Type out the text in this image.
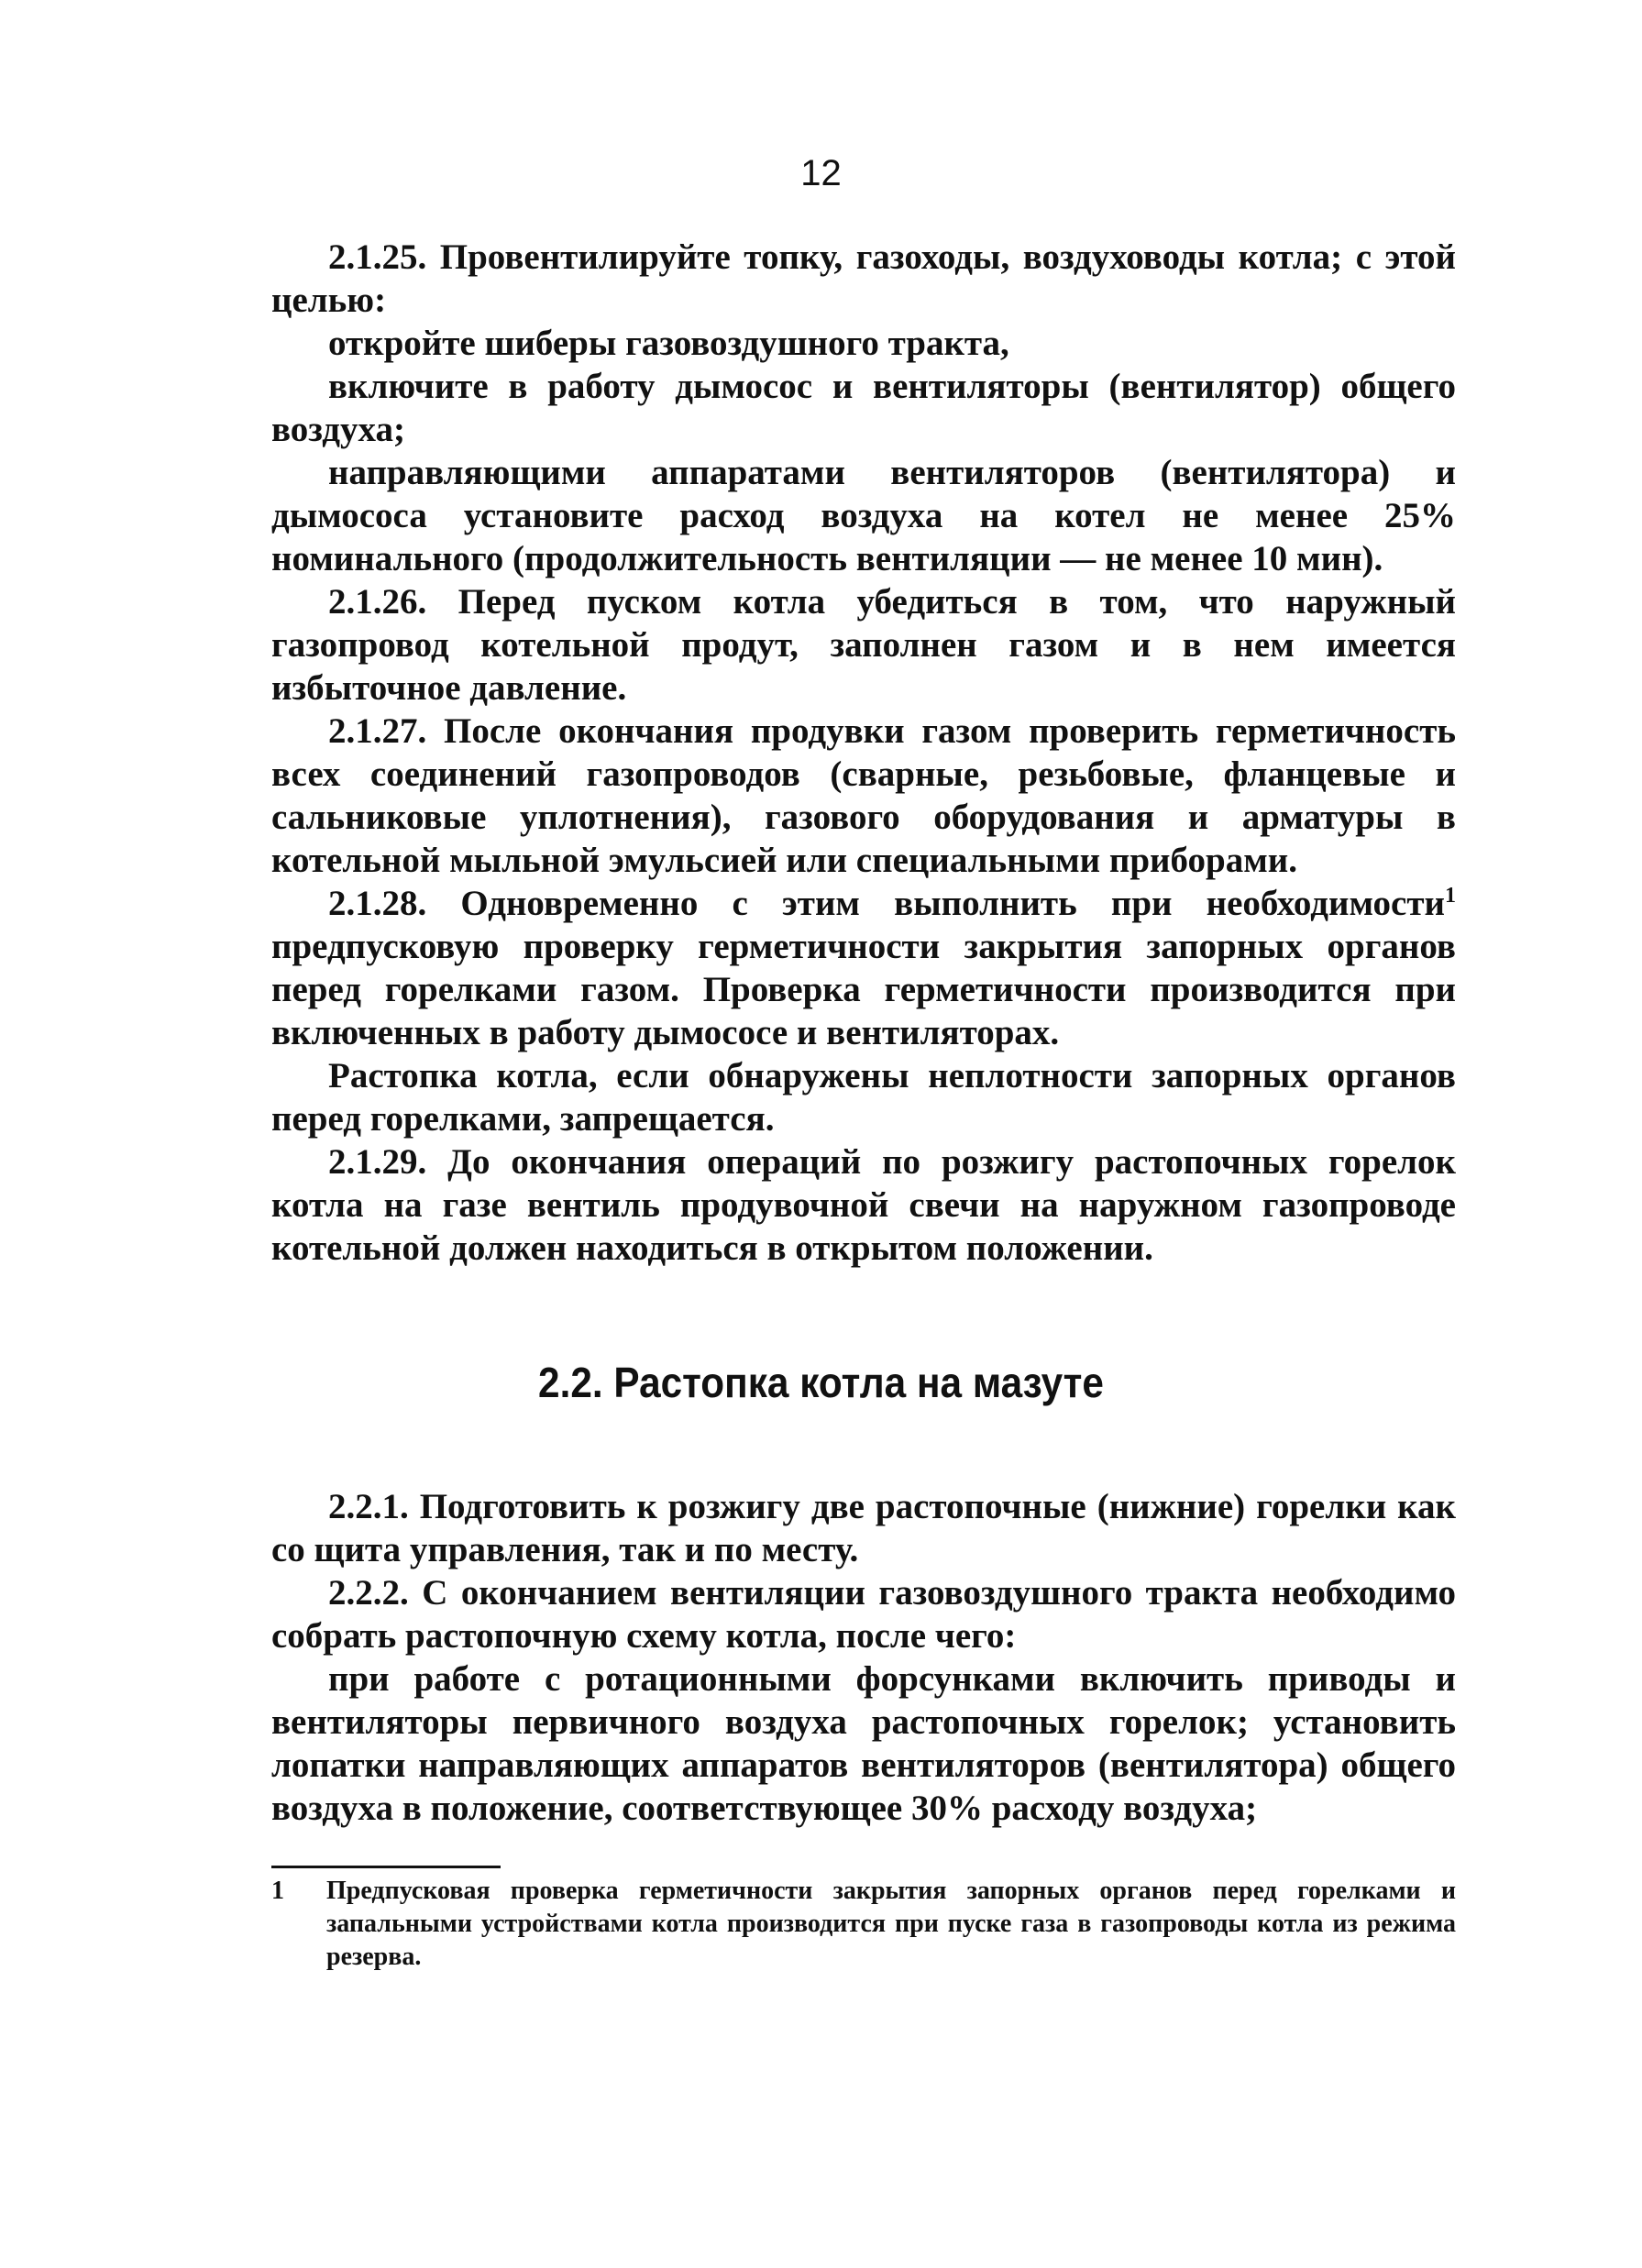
12

2.1.25. Провентилируйте топку, газоходы, воздуховоды котла; с этой целью:

откройте шиберы газовоздушного тракта,

включите в работу дымосос и вентиляторы (вентилятор) общего воздуха;

направляющими аппаратами вентиляторов (вентилятора) и дымососа установите расход воздуха на котел не менее 25% номинального (продолжительность вентиляции — не менее 10 мин).

2.1.26. Перед пуском котла убедиться в том, что наружный газопровод котельной продут, заполнен газом и в нем имеется избыточное давление.

2.1.27. После окончания продувки газом проверить герметичность всех соединений газопроводов (сварные, резьбовые, фланцевые и сальниковые уплотнения), газового оборудования и арматуры в котельной мыльной эмульсией или специальными приборами.

2.1.28. Одновременно с этим выполнить при необходимости$^1$ предпусковую проверку герметичности закрытия запорных органов перед горелками газом. Проверка герметичности производится при включенных в работу дымососе и вентиляторах.

Растопка котла, если обнаружены неплотности запорных органов перед горелками, запрещается.

2.1.29. До окончания операций по розжигу растопочных горелок котла на газе вентиль продувочной свечи на наружном газопроводе котельной должен находиться в открытом положении.

2.2. Растопка котла на мазуте

2.2.1. Подготовить к розжигу две растопочные (нижние) горелки как со щита управления, так и по месту.

2.2.2. С окончанием вентиляции газовоздушного тракта необходимо собрать растопочную схему котла, после чего:

при работе с ротационными форсунками включить приводы и вентиляторы первичного воздуха растопочных горелок; установить лопатки направляющих аппаратов вентиляторов (вентилятора) общего воздуха в положение, соответствующее 30% расходу воздуха;

1 Предпусковая проверка герметичности закрытия запорных органов перед горелками и запальными устройствами котла производится при пуске газа в газопроводы котла из режима резерва.
